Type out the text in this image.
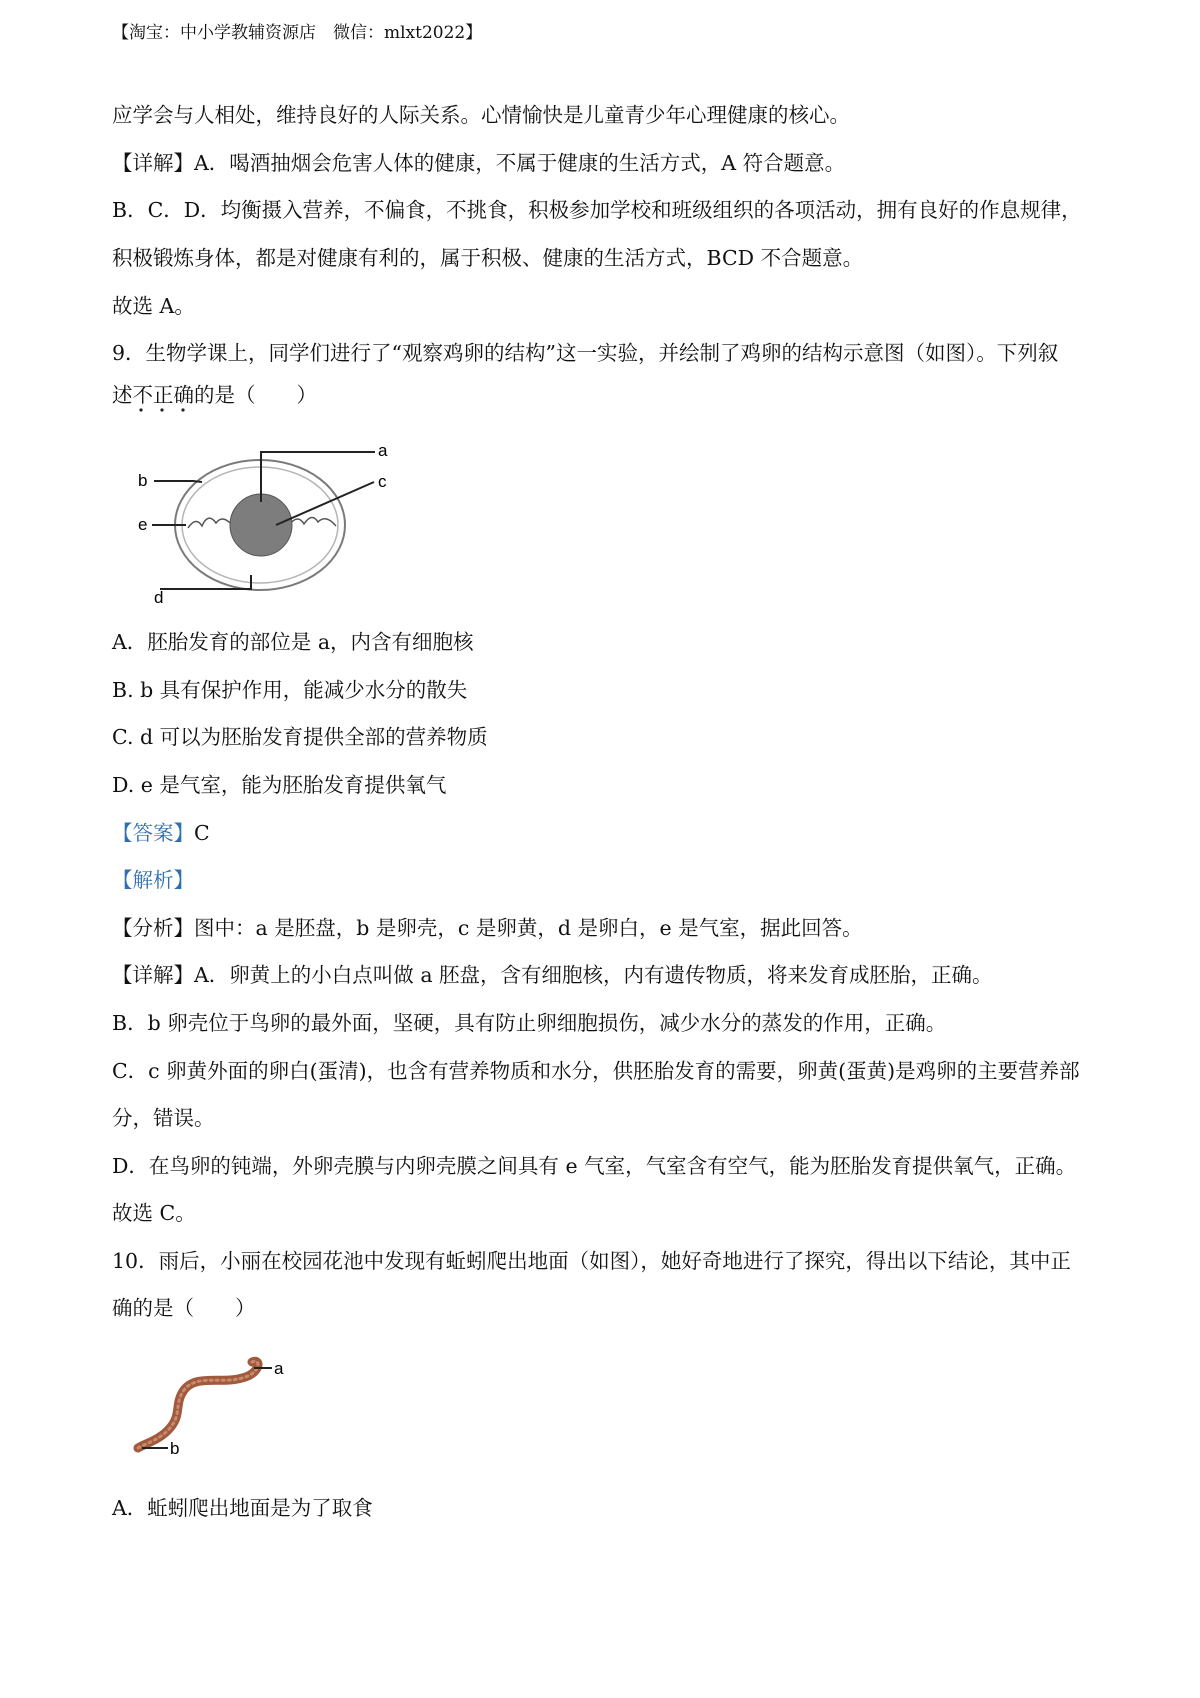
【淘宝：中小学教辅资源店　微信：mlxt2022】
应学会与人相处，维持良好的人际关系。心情愉快是儿童青少年心理健康的核心。
【详解】A．喝酒抽烟会危害人体的健康，不属于健康的生活方式，A 符合题意。
B．C．D．均衡摄入营养，不偏食，不挑食，积极参加学校和班级组织的各项活动，拥有良好的作息规律，
积极锻炼身体，都是对健康有利的，属于积极、健康的生活方式，BCD 不合题意。
故选 A。
9．生物学课上，同学们进行了“观察鸡卵的结构”这一实验，并绘制了鸡卵的结构示意图（如图）。下列叙
述不正确的是（　　）
a
c
b
e
d
A．胚胎发育的部位是 a，内含有细胞核
B. b 具有保护作用，能减少水分的散失
C. d 可以为胚胎发育提供全部的营养物质
D. e 是气室，能为胚胎发育提供氧气
【答案】C
【解析】
【分析】图中：a 是胚盘，b 是卵壳，c 是卵黄，d 是卵白，e 是气室，据此回答。
【详解】A．卵黄上的小白点叫做 a 胚盘，含有细胞核，内有遗传物质，将来发育成胚胎，正确。
B．b 卵壳位于鸟卵的最外面，坚硬，具有防止卵细胞损伤，减少水分的蒸发的作用，正确。
C．c 卵黄外面的卵白(蛋清)，也含有营养物质和水分，供胚胎发育的需要，卵黄(蛋黄)是鸡卵的主要营养部
分，错误。
D．在鸟卵的钝端，外卵壳膜与内卵壳膜之间具有 e 气室，气室含有空气，能为胚胎发育提供氧气，正确。
故选 C。
10．雨后，小丽在校园花池中发现有蚯蚓爬出地面（如图），她好奇地进行了探究，得出以下结论，其中正
确的是（　　）
a
b
A．蚯蚓爬出地面是为了取食
